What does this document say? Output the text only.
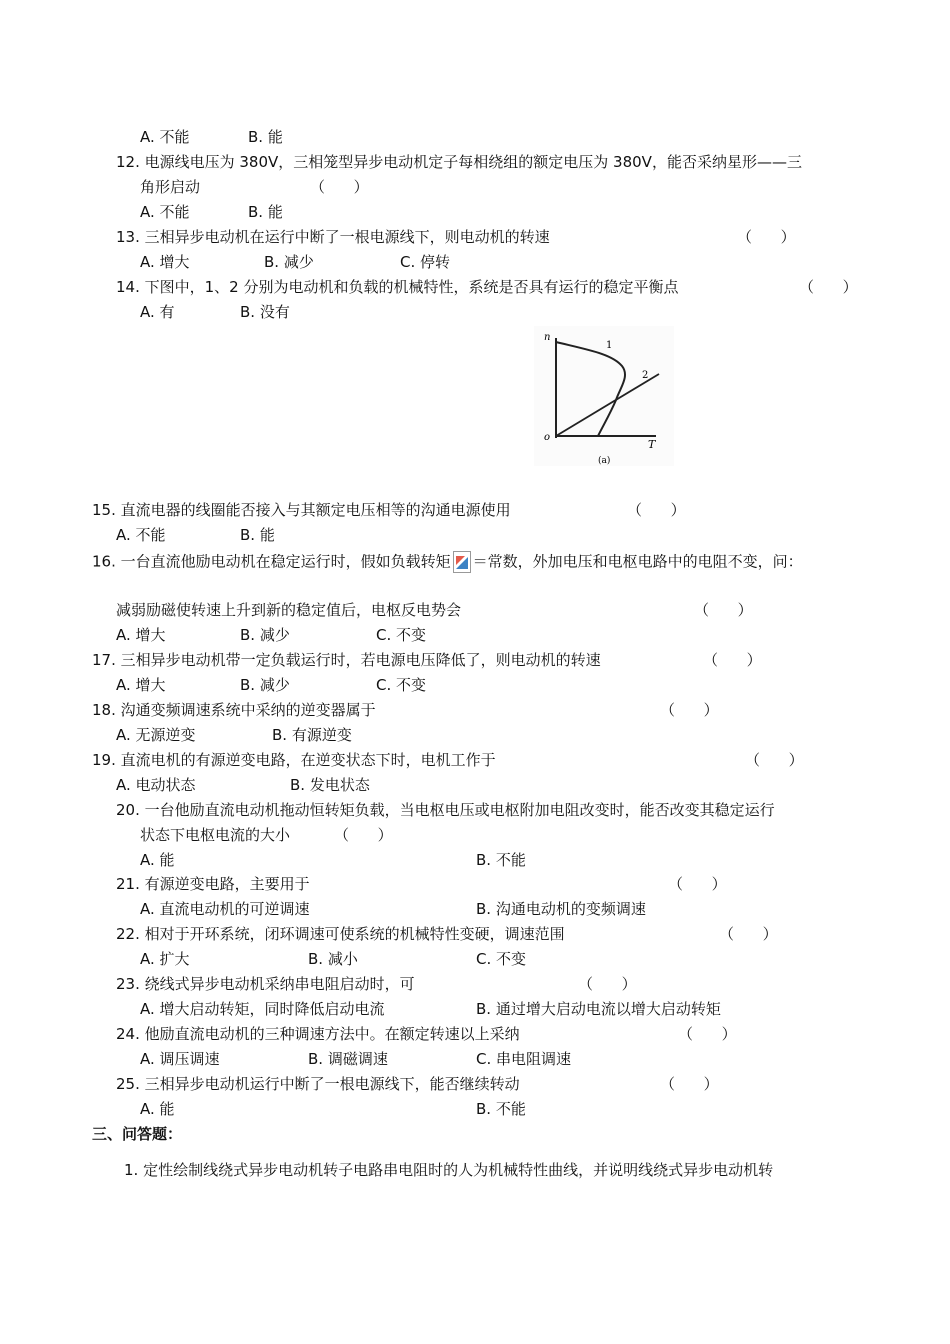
A. 不能	B. 能
12. 电源线电压为 380V，三相笼型异步电动机定子每相绕组的额定电压为 380V，能否采纳星形——三
角形启动	（      ）
A. 不能	B. 能
13. 三相异步电动机在运行中断了一根电源线下，则电动机的转速	（      ）
A. 增大	B. 减少	C. 停转
14. 下图中，1、2 分别为电动机和负载的机械特性，系统是否具有运行的稳定平衡点	（      ）
A. 有	B. 没有
n
o
T
1
2
(a)
15. 直流电器的线圈能否接入与其额定电压相等的沟通电源使用	（      ）
A. 不能	B. 能
16. 一台直流他励电动机在稳定运行时，假如负载转矩 ＝常数，外加电压和电枢电路中的电阻不变，问：
减弱励磁使转速上升到新的稳定值后，电枢反电势会	（      ）
A. 增大	B. 减少	C. 不变
17. 三相异步电动机带一定负载运行时，若电源电压降低了，则电动机的转速	（      ）
A. 增大	B. 减少	C. 不变
18. 沟通变频调速系统中采纳的逆变器属于	（      ）
A. 无源逆变	B. 有源逆变
19. 直流电机的有源逆变电路，在逆变状态下时，电机工作于	（      ）
A. 电动状态	B. 发电状态
20. 一台他励直流电动机拖动恒转矩负载，当电枢电压或电枢附加电阻改变时，能否改变其稳定运行
状态下电枢电流的大小	（      ）
A. 能	B. 不能
21. 有源逆变电路，主要用于	（      ）
A. 直流电动机的可逆调速	B. 沟通电动机的变频调速
22. 相对于开环系统，闭环调速可使系统的机械特性变硬，调速范围	（      ）
A. 扩大	B. 减小	C. 不变
23. 绕线式异步电动机采纳串电阻启动时，可	（      ）
A. 增大启动转矩，同时降低启动电流	B. 通过增大启动电流以增大启动转矩
24. 他励直流电动机的三种调速方法中。在额定转速以上采纳	（      ）
A. 调压调速	B. 调磁调速	C. 串电阻调速
25. 三相异步电动机运行中断了一根电源线下，能否继续转动	（      ）
A. 能	B. 不能
三、问答题：
1. 定性绘制线绕式异步电动机转子电路串电阻时的人为机械特性曲线，并说明线绕式异步电动机转
